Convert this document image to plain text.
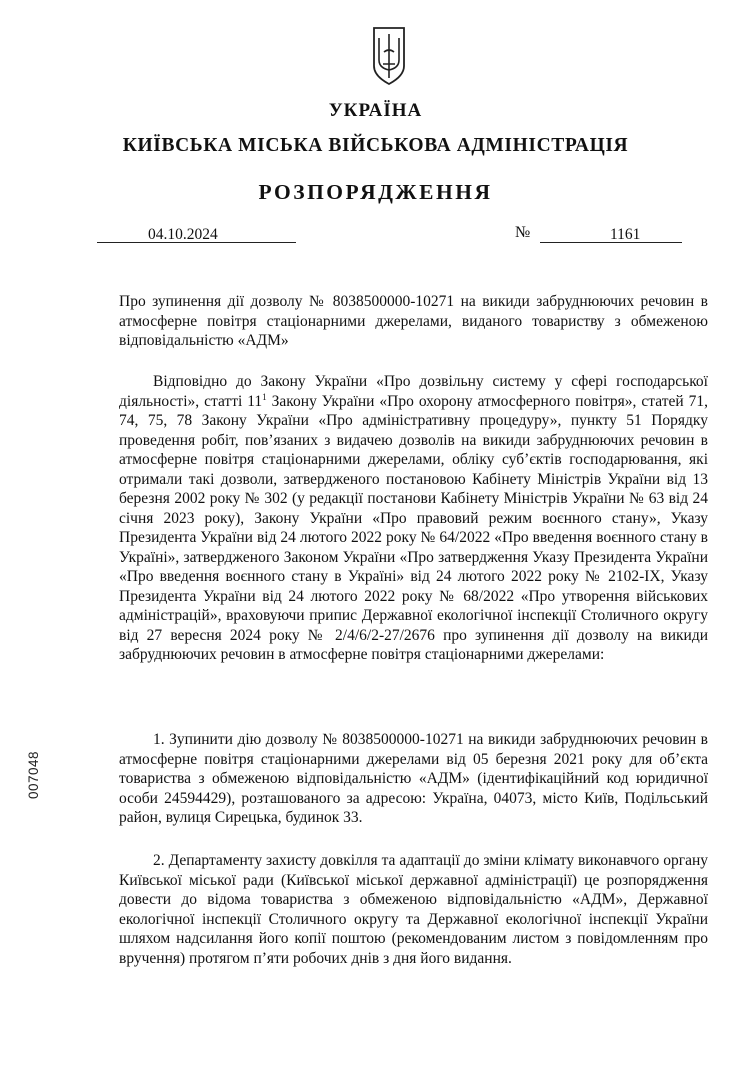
УКРАЇНА
КИЇВСЬКА МІСЬКА ВІЙСЬКОВА АДМІНІСТРАЦІЯ
РОЗПОРЯДЖЕННЯ
04.10.2024	№	1161
Про зупинення дії дозволу № 8038500000-10271 на викиди забруднюючих речовин в атмосферне повітря стаціонарними джерелами, виданого товариству з обмеженою відповідальністю «АДМ»
Відповідно до Закону України «Про дозвільну систему у сфері господарської діяльності», статті $11^1$ Закону України «Про охорону атмосферного повітря», статей 71, 74, 75, 78 Закону України «Про адміністративну процедуру», пункту 51 Порядку проведення робіт, пов’язаних з видачею дозволів на викиди забруднюючих речовин в атмосферне повітря стаціонарними джерелами, обліку суб’єктів господарювання, які отримали такі дозволи, затвердженого постановою Кабінету Міністрів України від 13 березня 2002 року № 302 (у редакції постанови Кабінету Міністрів України № 63 від 24 січня 2023 року), Закону України «Про правовий режим воєнного стану», Указу Президента України від 24 лютого 2022 року № 64/2022 «Про введення воєнного стану в Україні», затвердженого Законом України «Про затвердження Указу Президента України «Про введення воєнного стану в Україні» від 24 лютого 2022 року № 2102-IX, Указу Президента України від 24 лютого 2022 року № 68/2022 «Про утворення військових адміністрацій», враховуючи припис Державної екологічної інспекції Столичного округу від 27 вересня 2024 року № 2/4/6/2-27/2676 про зупинення дії дозволу на викиди забруднюючих речовин в атмосферне повітря стаціонарними джерелами:
1. Зупинити дію дозволу № 8038500000-10271 на викиди забруднюючих речовин в атмосферне повітря стаціонарними джерелами від 05 березня 2021 року для об’єкта товариства з обмеженою відповідальністю «АДМ» (ідентифікаційний код юридичної особи 24594429), розташованого за адресою: Україна, 04073, місто Київ, Подільський район, вулиця Сирецька, будинок 33.
2. Департаменту захисту довкілля та адаптації до зміни клімату виконавчого органу Київської міської ради (Київської міської державної адміністрації) це розпорядження довести до відома товариства з обмеженою відповідальністю «АДМ», Державної екологічної інспекції Столичного округу та Державної екологічної інспекції України шляхом надсилання його копії поштою (рекомендованим листом з повідомленням про вручення) протягом п’яти робочих днів з дня його видання.
007048
